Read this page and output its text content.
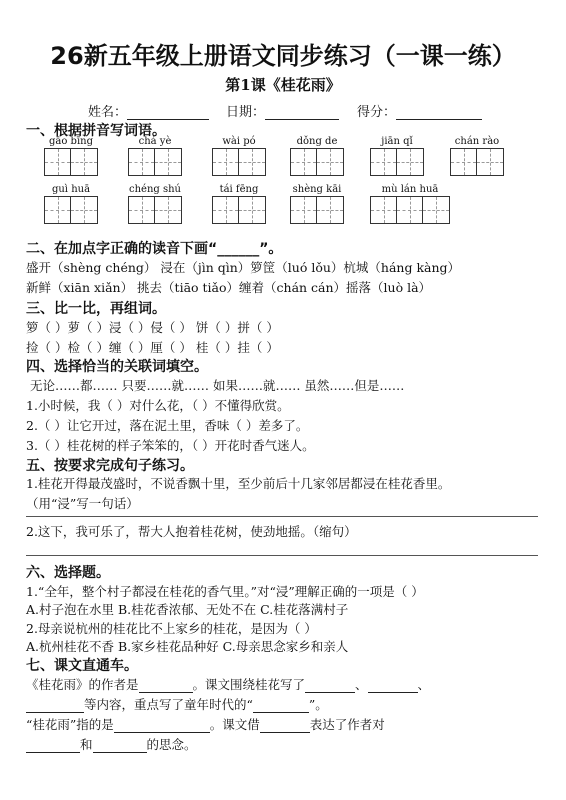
26新五年级上册语文同步练习（一课一练）
第1课《桂花雨》
姓名：	日期：	得分：
一、根据拼音写词语。
gāo bīng	chá yè	wài pó	dǒng de	jiān qǐ	chán rào
guì huā	chéng shú	tái fēng	shèng kāi	mù lán huā
二、在加点字正确的读音下画“______”。
盛开（shèng chéng） 浸在（jìn qìn）箩筐（luó lǒu）杭城（háng kàng）
新鲜（xiān xiǎn） 挑去（tiāo tiǎo）缠着（chán cán）摇落（luò là）
三、比一比，再组词。
箩（ ）萝（ ）浸（ ）侵（ ） 饼（ ）拼（ ）
捡（ ）检（ ）缠（ ）厘（ ） 桂（ ）挂（ ）
四、选择恰当的关联词填空。
无论……都…… 只要……就…… 如果……就…… 虽然……但是……
1.小时候，我（ ）对什么花，（ ）不懂得欣赏。
2.（ ）让它开过，落在泥土里，香味（ ）差多了。
3.（ ）桂花树的样子笨笨的，（ ）开花时香气迷人。
五、按要求完成句子练习。
1.桂花开得最茂盛时，不说香飘十里，至少前后十几家邻居都浸在桂花香里。
（用“浸”写一句话）
2.这下，我可乐了，帮大人抱着桂花树，使劲地摇。（缩句）
六、选择题。
1.“全年，整个村子都浸在桂花的香气里。”对“浸”理解正确的一项是（ ）
A.村子泡在水里 B.桂花香浓郁、无处不在 C.桂花落满村子
2.母亲说杭州的桂花比不上家乡的桂花，是因为（ ）
A.杭州桂花不香 B.家乡桂花品种好 C.母亲思念家乡和亲人
七、课文直通车。
《桂花雨》的作者是	。课文围绕桂花写了	、	、
等内容，重点写了童年时代的“	”。
“桂花雨”指的是	。课文借	表达了作者对
和	的思念。
